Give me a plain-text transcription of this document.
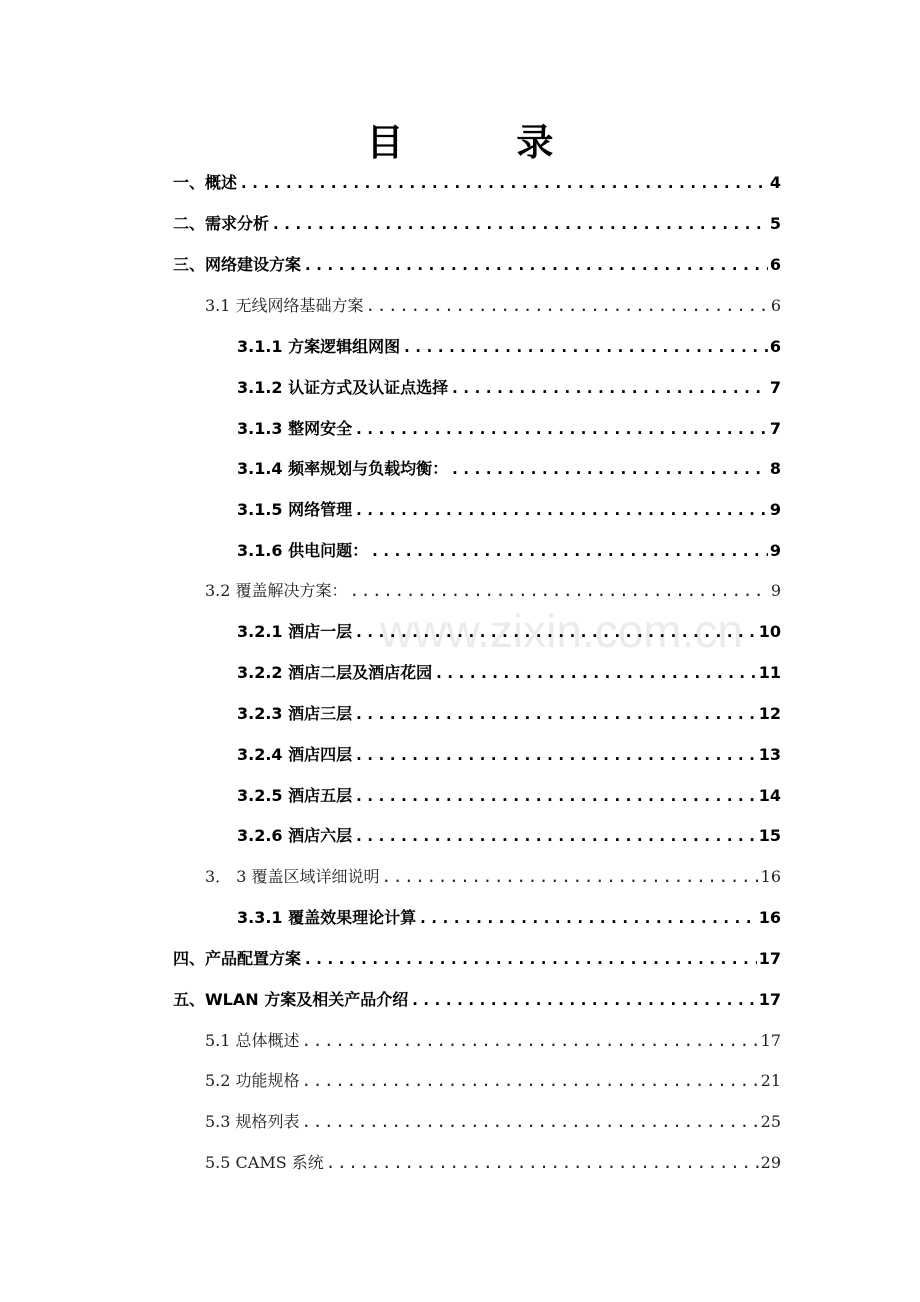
目 录
www.zixin.com.cn
一、概述 .....	4
二、需求分析 .....	5
三、网络建设方案 .....	6
3.1 无线网络基础方案 .....	6
3.1.1 方案逻辑组网图 .....	6
3.1.2 认证方式及认证点选择 .....	7
3.1.3 整网安全 .....	7
3.1.4 频率规划与负载均衡： .....	8
3.1.5 网络管理 .....	9
3.1.6 供电问题： .....	9
3.2 覆盖解决方案： .....	9
3.2.1 酒店一层 .....	10
3.2.2 酒店二层及酒店花园 .....	11
3.2.3 酒店三层 .....	12
3.2.4 酒店四层 .....	13
3.2.5 酒店五层 .....	14
3.2.6 酒店六层 .....	15
3． 3 覆盖区域详细说明 .....	16
3.3.1 覆盖效果理论计算 .....	16
四、产品配置方案 .....	17
五、WLAN 方案及相关产品介绍 .....	17
5.1 总体概述 .....	17
5.2 功能规格 .....	21
5.3 规格列表 .....	25
5.5 CAMS 系统 .....	29
